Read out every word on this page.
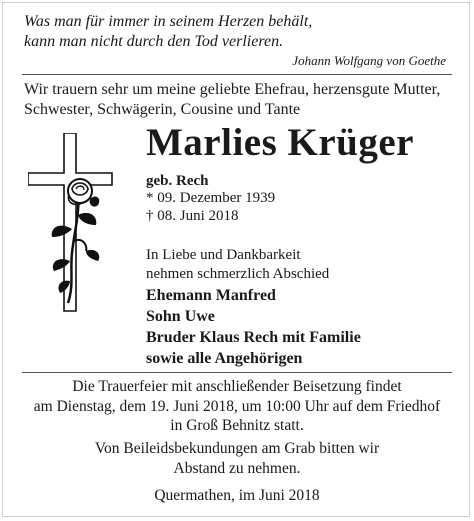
Was man für immer in seinem Herzen behält,
kann man nicht durch den Tod verlieren.
Johann Wolfgang von Goethe
Wir trauern sehr um meine geliebte Ehefrau, herzensgute Mutter,
Schwester, Schwägerin, Cousine und Tante
Marlies Krüger
geb. Rech
* 09. Dezember 1939
† 08. Juni 2018
In Liebe und Dankbarkeit
nehmen schmerzlich Abschied
Ehemann Manfred
Sohn Uwe
Bruder Klaus Rech mit Familie
sowie alle Angehörigen
Die Trauerfeier mit anschließender Beisetzung findet
am Dienstag, dem 19. Juni 2018, um 10:00 Uhr auf dem Friedhof
in Groß Behnitz statt.
Von Beileidsbekundungen am Grab bitten wir
Abstand zu nehmen.
Quermathen, im Juni 2018
